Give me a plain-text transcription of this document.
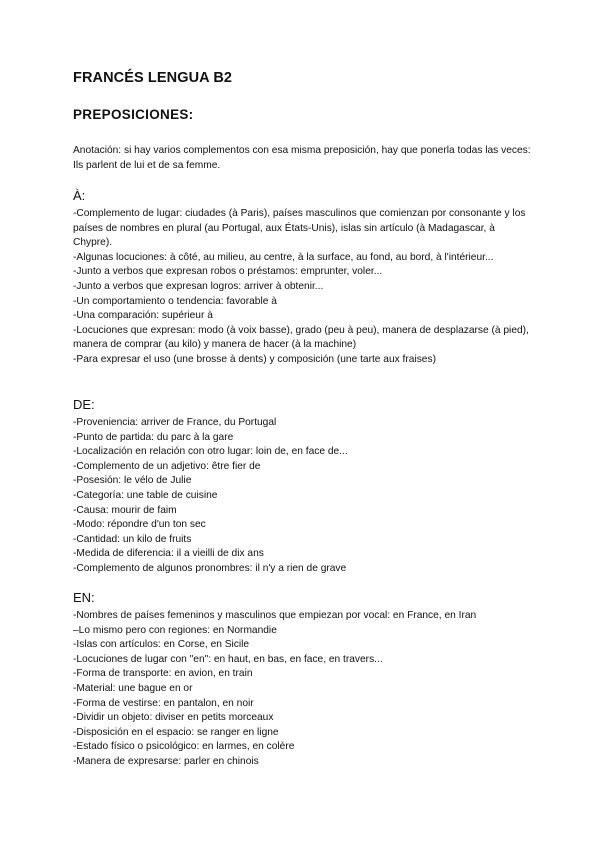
FRANCÉS LENGUA B2
PREPOSICIONES:
Anotación: si hay varios complementos con esa misma preposición, hay que ponerla todas las veces: Ils parlent de lui et de sa femme.
À:
-Complemento de lugar: ciudades (à Paris), países masculinos que comienzan por consonante y los países de nombres en plural (au Portugal, aux États-Unis), islas sin artículo (à Madagascar, à Chypre).
-Algunas locuciones: à côté, au milieu, au centre, à la surface, au fond, au bord, à l'intérieur...
-Junto a verbos que expresan robos o préstamos: emprunter, voler...
-Junto a verbos que expresan logros: arriver à obtenir...
-Un comportamiento o tendencia: favorable à
-Una comparación: supérieur à
-Locuciones que expresan: modo (à voix basse), grado (peu à peu), manera de desplazarse (à pied), manera de comprar (au kilo) y manera de hacer (à la machine)
-Para expresar el uso (une brosse à dents) y composición (une tarte aux fraises)
DE:
-Proveniencia: arriver de France, du Portugal
-Punto de partida: du parc à la gare
-Localización en relación con otro lugar: loin de, en face de...
-Complemento de un adjetivo: être fier de
-Posesión: le vélo de Julie
-Categoría: une table de cuisine
-Causa: mourir de faim
-Modo: répondre d'un ton sec
-Cantidad: un kilo de fruits
-Medida de diferencia: il a vieilli de dix ans
-Complemento de algunos pronombres: il n'y a rien de grave
EN:
-Nombres de países femeninos y masculinos que empiezan por vocal: en France, en Iran
–Lo mismo pero con regiones: en Normandie
-Islas con artículos: en Corse, en Sicile
-Locuciones de lugar con "en": en haut, en bas, en face, en travers...
-Forma de transporte: en avion, en train
-Material: une bague en or
-Forma de vestirse: en pantalon, en noir
-Dividir un objeto: diviser en petits morceaux
-Disposición en el espacio: se ranger en ligne
-Estado físico o psicológico: en larmes, en colère
-Manera de expresarse: parler en chinois
